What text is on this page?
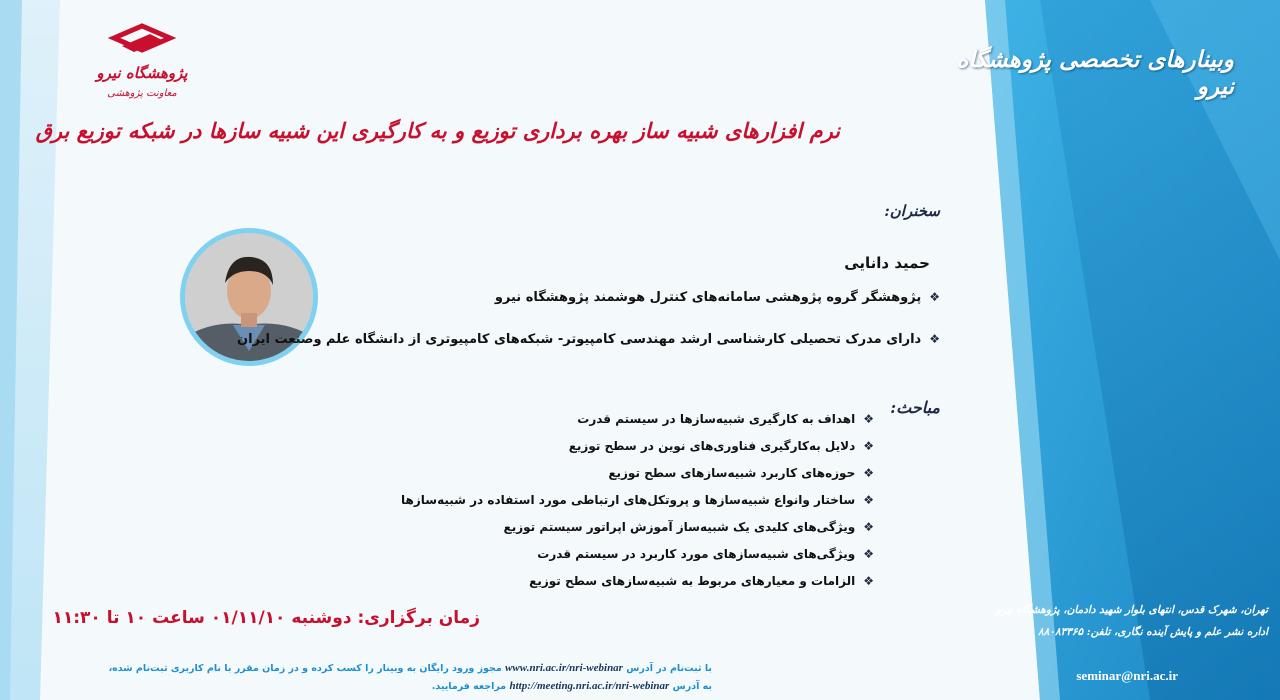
پژوهشگاه نیرو
معاونت پژوهشی
وبینارهای تخصصی پژوهشگاه نیرو
نرم افزارهای شبیه ساز بهره برداری توزیع و به کارگیری این شبیه سازها در شبکه توزیع برق
سخنران:
حمید دانایی
❖پژوهشگر گروه پژوهشی سامانه‌های کنترل هوشمند پژوهشگاه نیرو
❖دارای مدرک تحصیلی کارشناسی ارشد مهندسی کامپیوتر- شبکه‌های کامپیوتری از دانشگاه علم وصنعت ایران
مباحث:
❖اهداف به کارگیری شبیه‌سازها در سیستم قدرت
❖دلایل به‌کارگیری فناوری‌های نوین در سطح توزیع
❖حوزه‌های کاربرد شبیه‌سازهای سطح توزیع
❖ساختار وانواع شبیه‌سازها و پروتکل‌های ارتباطی مورد استفاده در شبیه‌سازها
❖ویژگی‌های کلیدی یک شبیه‌ساز آموزش اپراتور سیستم توزیع
❖ویژگی‌های شبیه‌سازهای مورد کاربرد در سیستم قدرت
❖الزامات و معیارهای مربوط به شبیه‌سازهای سطح توزیع
زمان برگزاری: دوشنبه ۰۱/۱۱/۱۰ ساعت ۱۰ تا ۱۱:۳۰
با ثبت‌نام در آدرس www.nri.ac.ir/nri-webinar مجوز ورود رایگان به وبینار را کسب کرده و در زمان مقرر با نام کاربری ثبت‌نام شده،
به آدرس http://meeting.nri.ac.ir/nri-webinar مراجعه فرمایید.
تهران، شهرک قدس، انتهای بلوار شهید دادمان، پژوهشگاه نیرو،
اداره نشر علم و پایش آینده نگاری، تلفن: ۸۸۰۸۳۳۶۵
seminar@nri.ac.ir
